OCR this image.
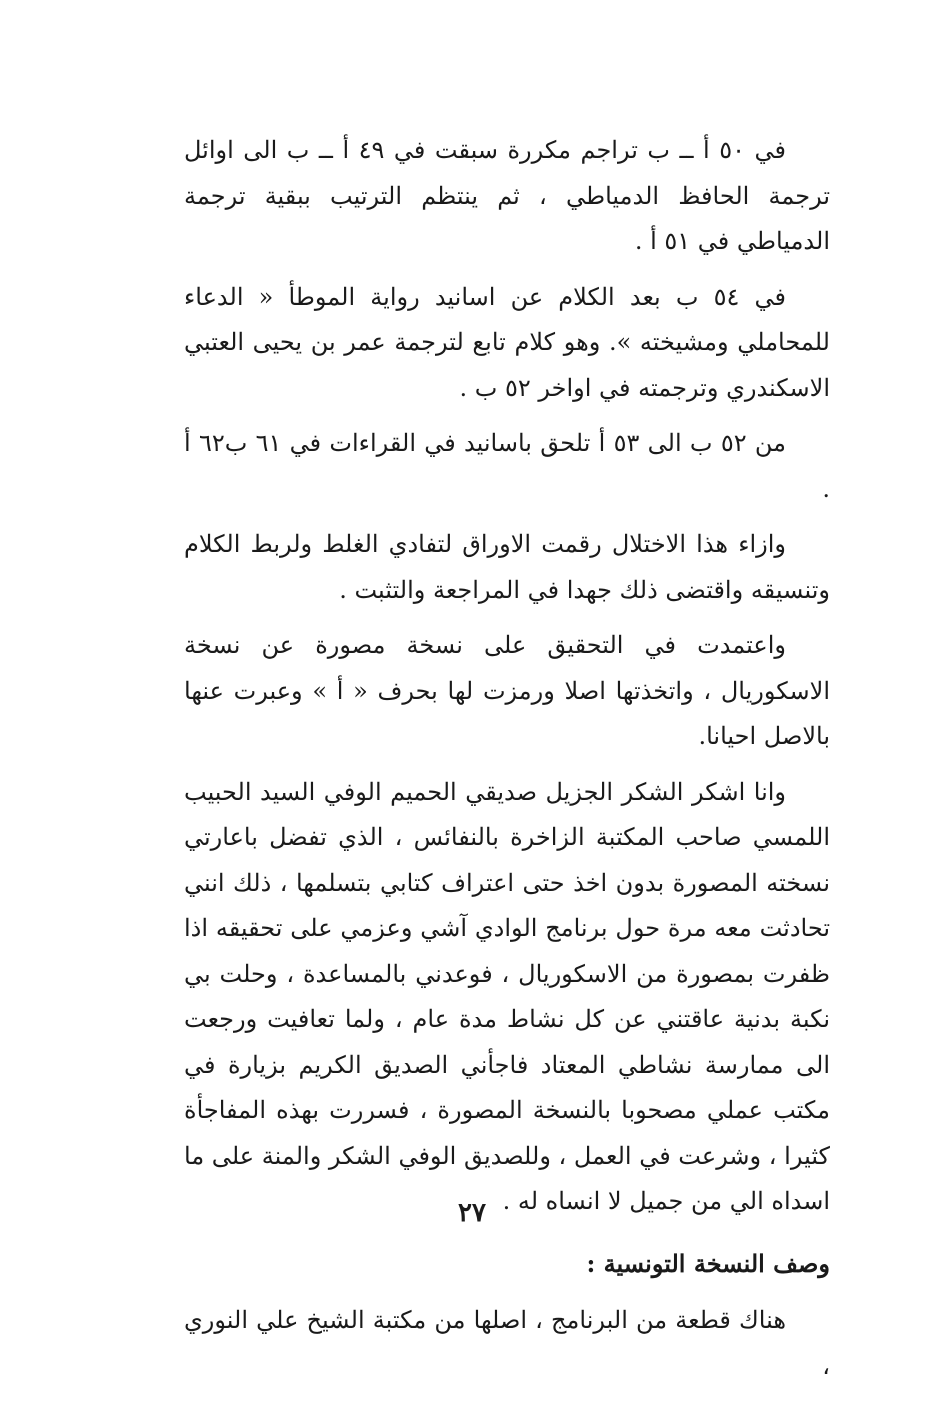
في ٥٠ أ ــ ب تراجم مكررة سبقت في ٤٩ أ ــ ب الى اوائل ترجمة الحافظ الدمياطي ، ثم ينتظم الترتيب ببقية ترجمة الدمياطي في ٥١ أ .

في ٥٤ ب بعد الكلام عن اسانيد رواية الموطأ « الدعاء للمحاملي ومشيخته ». وهو كلام تابع لترجمة عمر بن يحيى العتبي الاسكندري وترجمته في اواخر ٥٢ ب .

من ٥٢ ب الى ٥٣ أ تلحق باسانيد في القراءات في ٦١ ب٦٢ أ .

وازاء هذا الاختلال رقمت الاوراق لتفادي الغلط ولربط الكلام وتنسيقه واقتضى ذلك جهدا في المراجعة والتثبت .

واعتمدت في التحقيق على نسخة مصورة عن نسخة الاسكوريال ، واتخذتها اصلا ورمزت لها بحرف « أ » وعبرت عنها بالاصل احيانا.

وانا اشكر الشكر الجزيل صديقي الحميم الوفي السيد الحبيب اللمسي صاحب المكتبة الزاخرة بالنفائس ، الذي تفضل باعارتي نسخته المصورة بدون اخذ حتى اعتراف كتابي بتسلمها ، ذلك انني تحادثت معه مرة حول برنامج الوادي آشي وعزمي على تحقيقه اذا ظفرت بمصورة من الاسكوريال ، فوعدني بالمساعدة ، وحلت بي نكبة بدنية عاقتني عن كل نشاط مدة عام ، ولما تعافيت ورجعت الى ممارسة نشاطي المعتاد فاجأني الصديق الكريم بزيارة في مكتب عملي مصحوبا بالنسخة المصورة ، فسررت بهذه المفاجأة كثيرا ، وشرعت في العمل ، وللصديق الوفي الشكر والمنة على ما اسداه الي من جميل لا انساه له .

وصف النسخة التونسية :

هناك قطعة من البرنامج ، اصلها من مكتبة الشيخ علي النوري ،

٢٧
